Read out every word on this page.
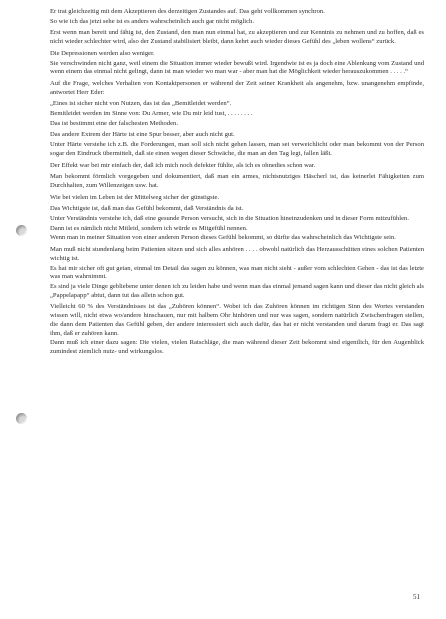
Er trat gleichzeitig mit dem Akzeptieren des derzeitigen Zustandes auf. Das geht vollkommen synchron.

So wie ich das jetzt sehe ist es anders wahrscheinlich auch gar nicht möglich.

Erst wenn man bereit und fähig ist, den Zustand, den man nun einmal hat, zu akzeptieren und zur Kenntnis zu nehmen und zu hoffen, daß es nicht wieder schlechter wird, also der Zustand stabilisiert bleibt, dann kehrt auch wieder dieses Gefühl des „leben wollens“ zurück.

Die Depressionen werden also weniger.

Sie verschwinden nicht ganz, weil einem die Situation immer wieder bewußt wird. Irgendwie ist es ja doch eine Ablenkung vom Zustand und wenn einem das einmal nicht gelingt, dann ist man wieder wo man war - aber man hat die Möglichkeit wieder herauszukommen . . . . .“

Auf die Frage, welches Verhalten von Kontaktpersonen er während der Zeit seiner Krankheit als angenehm, bzw. unangenehm empfinde, antwortet Herr Eder:

„Eines ist sicher nicht von Nutzen, das ist das „Bemitleidet werden“.

Bemitleidet werden im Sinne von: Du Armer, wie Du mir leid tust, . . . . . . . .

Das ist bestimmt eine der falschesten Methoden.

Das andere Extrem der Härte ist eine Spur besser, aber auch nicht gut.

Unter Härte verstehe ich z.B. die Forderungen, man soll sich nicht gehen lassen, man sei verweichlicht oder man bekommt von der Person sogar den Eindruck übermittelt, daß sie einen wegen dieser Schwäche, die man an den Tag legt, fallen läßt.

Der Effekt war bei mir einfach der, daß ich mich noch defekter fühlte, als ich es ohnedies schon war.

Man bekommt förmlich vorgegeben und dokumentiert, daß man ein armes, nichtsnutziges Häscherl ist, das keinerlei Fähigkeiten zum Durchhalten, zum Willenzeigen usw. hat.

Wie bei vielen im Leben ist der Mittelweg sicher der günstigste.

Das Wichtigste ist, daß man das Gefühl bekommt, daß Verständnis da ist.

Unter Verständnis verstehe ich, daß eine gesunde Person versucht, sich in die Situation hineinzudenken und in dieser Form mitzufühlen.

Dann ist es nämlich nicht Mitleid, sondern ich würde es Mitgefühl nennen.

Wenn man in meiner Situation von einer anderen Person dieses Gefühl bekommt, so dürfte das wahrscheinlich das Wichtigste sein.

Man muß nicht stundenlang beim Patienten sitzen und sich alles anhören . . . . obwohl natürlich das Herzausschütten eines solchen Patienten wichtig ist.

Es hat mir sicher oft gut getan, einmal im Detail das sagen zu können, was man nicht sieht - außer vom schlechten Gehen - das ist das letzte was man wahrnimmt.

Es sind ja viele Dinge gebliebene unter denen ich zu leiden habe und wenn man das einmal jemand sagen kann und dieser das nicht gleich als „Pappelapapp“ abtut, dann tut das allein schon gut.

Vielleicht 60 % des Verständnisses ist das „Zuhören können“. Wobei ich das Zuhören können im richtigen Sinn des Wortes verstanden wissen will, nicht etwa wo/andere hinschauen, nur mit halbem Ohr hinhören und nur was sagen, sondern natürlich Zwischenfragen stellen, die dann dem Patienten das Gefühl geben, der andere interessiert sich auch dafür, das hat er nicht verstanden und darum fragt er. Das sagt ihm, daß er zuhören kann.

Dann muß ich einer dazu sagen: Die vielen, vielen Ratschläge, die man während dieser Zeit bekommt sind eigentlich, für den Augenblick zumindest ziemlich nutz- und wirkungslos.

51
